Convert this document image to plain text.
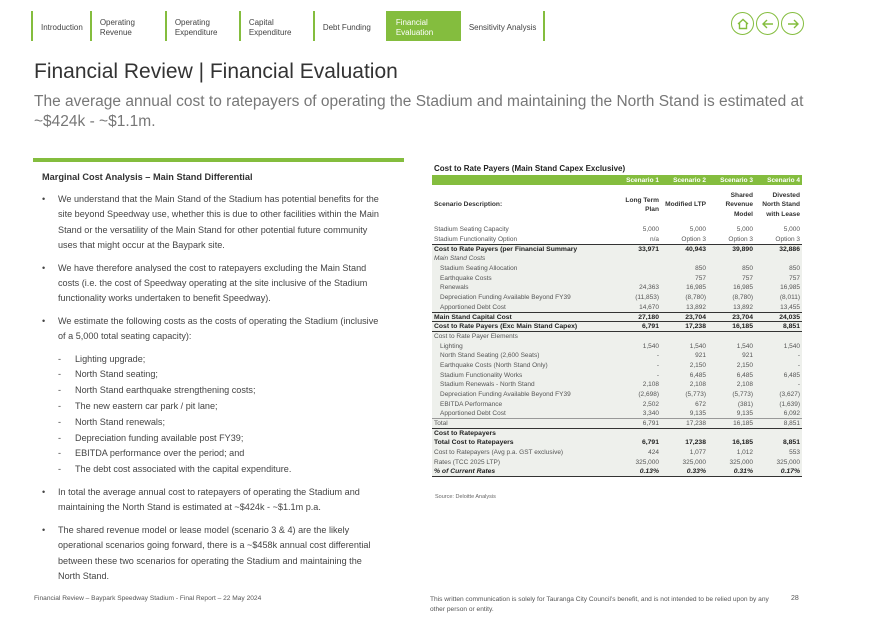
Introduction
Operating Revenue
Operating Expenditure
Capital Expenditure
Debt Funding
Financial Evaluation
Sensitivity Analysis
Financial Review | Financial Evaluation
The average annual cost to ratepayers of operating the Stadium and maintaining the North Stand is estimated at ~$424k - ~$1.1m.
Marginal Cost Analysis – Main Stand Differential
• We understand that the Main Stand of the Stadium has potential benefits for the site beyond Speedway use, whether this is due to other facilities within the Main Stand or the versatility of the Main Stand for other potential future community uses that might occur at the Baypark site.
• We have therefore analysed the cost to ratepayers excluding the Main Stand costs (i.e. the cost of Speedway operating at the site inclusive of the Stadium functionality works undertaken to benefit Speedway).
• We estimate the following costs as the costs of operating the Stadium (inclusive of a 5,000 total seating capacity):
- Lighting upgrade;
- North Stand seating;
- North Stand earthquake strengthening costs;
- The new eastern car park / pit lane;
- North Stand renewals;
- Depreciation funding available post FY39;
- EBITDA performance over the period; and
- The debt cost associated with the capital expenditure.
• In total the average annual cost to ratepayers of operating the Stadium and maintaining the North Stand is estimated at ~$424k - ~$1.1m p.a.
• The shared revenue model or lease model (scenario 3 & 4) are the likely operational scenarios going forward, there is a ~$458k annual cost differential between these two scenarios for operating the Stadium and maintaining the North Stand.
Cost to Rate Payers (Main Stand Capex Exclusive)
	Scenario 1	Scenario 2	Scenario 3	Scenario 4
Scenario Description:	Long Term Plan	Modified LTP	Shared Revenue Model	Divested North Stand with Lease
Stadium Seating Capacity	5,000	5,000	5,000	5,000
Stadium Functionality Option	n/a	Option 3	Option 3	Option 3
Cost to Rate Payers (per Financial Summary	33,971	40,943	39,890	32,886
Main Stand Costs				
Stadium Seating Allocation		850	850	850
Earthquake Costs		757	757	757
Renewals	24,363	16,985	16,985	16,985
Depreciation Funding Available Beyond FY39	(11,853)	(8,780)	(8,780)	(8,011)
Apportioned Debt Cost	14,670	13,892	13,892	13,455
Main Stand Capital Cost	27,180	23,704	23,704	24,035
Cost to Rate Payers (Exc Main Stand Capex)	6,791	17,238	16,185	8,851
Cost to Rate Payer Elements				
Lighting	1,540	1,540	1,540	1,540
North Stand Seating (2,600 Seats)	-	921	921	-
Earthquake Costs (North Stand Only)	-	2,150	2,150	-
Stadium Functionality Works	-	6,485	6,485	6,485
Stadium Renewals - North Stand	2,108	2,108	2,108	-
Depreciation Funding Available Beyond FY39	(2,698)	(5,773)	(5,773)	(3,627)
EBITDA Performance	2,502	672	(381)	(1,639)
Apportioned Debt Cost	3,340	9,135	9,135	6,092
Total	6,791	17,238	16,185	8,851
Cost to Ratepayers				
Total Cost to Ratepayers	6,791	17,238	16,185	8,851
Cost to Ratepayers (Avg p.a. GST exclusive)	424	1,077	1,012	553
Rates (TCC 2025 LTP)	325,000	325,000	325,000	325,000
% of Current Rates	0.13%	0.33%	0.31%	0.17%
Source: Deloitte Analysis
Financial Review – Baypark Speedway Stadium - Final Report – 22 May 2024	This written communication is solely for Tauranga City Council’s benefit, and is not intended to be relied upon by any other person or entity.
28
